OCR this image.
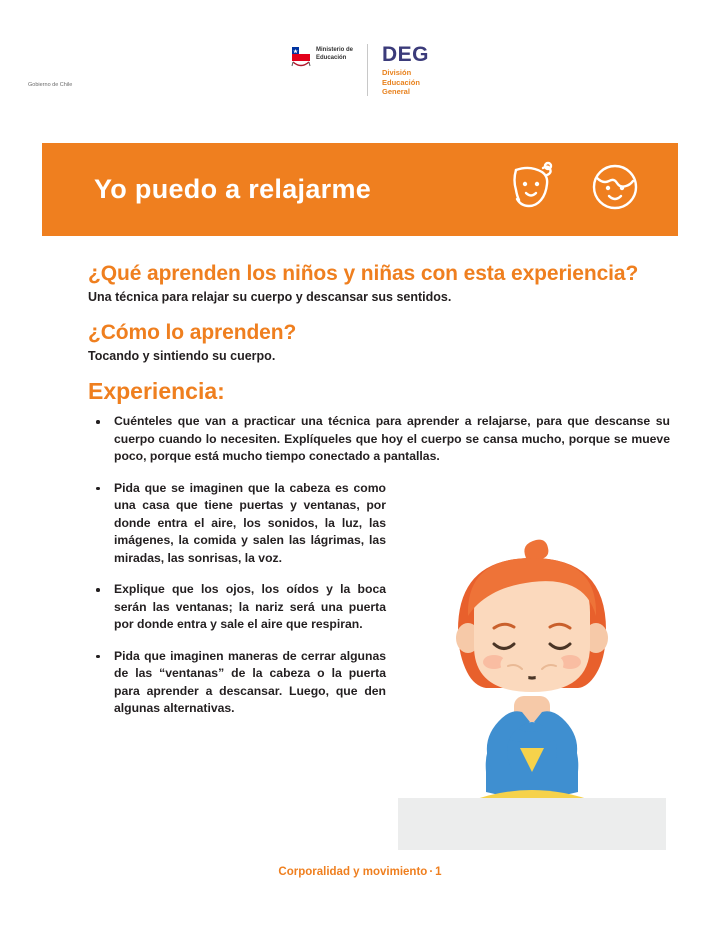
Ministerio de
Educación
Gobierno de Chile
DEG
División
Educación
General
Yo puedo a relajarme
¿Qué aprenden los niños y niñas con esta experiencia?

Una técnica para relajar su cuerpo y descansar sus sentidos.

¿Cómo lo aprenden?

Tocando y sintiendo su cuerpo.

Experiencia:
Cuénteles que van a practicar una técnica para aprender a relajarse, para que descanse su cuerpo cuando lo necesiten. Explíqueles que hoy el cuerpo se cansa mucho, porque se mueve poco, porque está mucho tiempo conectado a pantallas.
Pida que se imaginen que la cabeza es como una casa que tiene puertas y ventanas, por donde entra el aire, los sonidos, la luz, las imágenes, la comida y salen las lágrimas, las miradas, las sonrisas, la voz.
Explique que los ojos, los oídos y la boca serán las ventanas; la nariz será una puerta por donde entra y sale el aire que respiran.
Pida que imaginen maneras de cerrar algunas de las “ventanas” de la cabeza o la puerta para aprender a descansar. Luego, que den algunas alternativas.
Corporalidad y movimiento · 1
